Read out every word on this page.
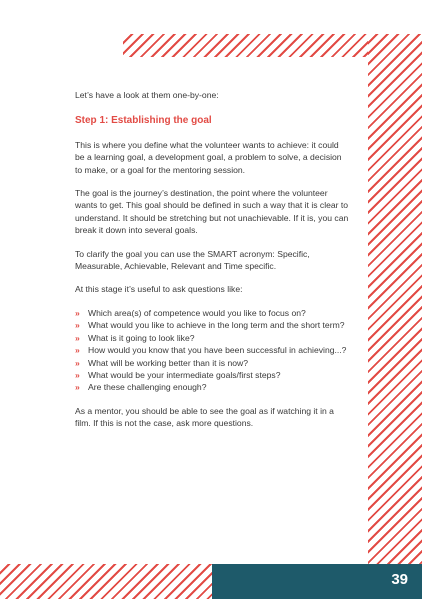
Let’s have a look at them one-by-one:

Step 1: Establishing the goal

This is where you define what the volunteer wants to achieve: it could be a learning goal, a development goal, a problem to solve, a decision to make, or a goal for the mentoring session.

The goal is the journey’s destination, the point where the volunteer wants to get. This goal should be defined in such a way that it is clear to understand. It should be stretching but not unachievable. If it is, you can break it down into several goals.

To clarify the goal you can use the SMART acronym: Specific, Measurable, Achievable, Relevant and Time specific.

At this stage it’s useful to ask questions like:

» Which area(s) of competence would you like to focus on?
» What would you like to achieve in the long term and the short term?
» What is it going to look like?
» How would you know that you have been successful in achieving...?
» What will be working better than it is now?
» What would be your intermediate goals/first steps?
» Are these challenging enough?

As a mentor, you should be able to see the goal as if watching it in a film. If this is not the case, ask more questions.

39
